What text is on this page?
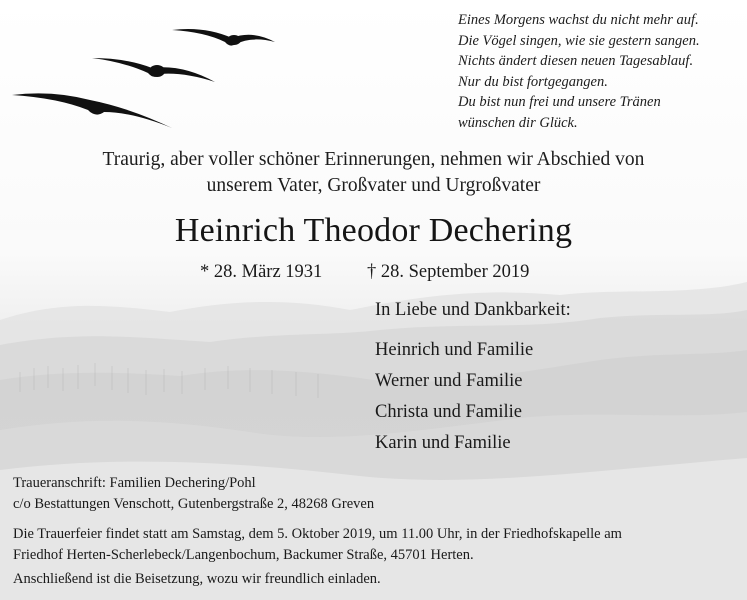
Eines Morgens wachst du nicht mehr auf.
Die Vögel singen, wie sie gestern sangen.
Nichts ändert diesen neuen Tagesablauf.
Nur du bist fortgegangen.
Du bist nun frei und unsere Tränen
wünschen dir Glück.
Traurig, aber voller schöner Erinnerungen, nehmen wir Abschied von
unserem Vater, Großvater und Urgroßvater
Heinrich Theodor Dechering
* 28. März 1931 † 28. September 2019
In Liebe und Dankbarkeit:
Heinrich und Familie
Werner und Familie
Christa und Familie
Karin und Familie
Traueranschrift: Familien Dechering/Pohl
c/o Bestattungen Venschott, Gutenbergstraße 2, 48268 Greven
Die Trauerfeier findet statt am Samstag, dem 5. Oktober 2019, um 11.00 Uhr, in der Friedhofskapelle am
Friedhof Herten-Scherlebeck/Langenbochum, Backumer Straße, 45701 Herten.
Anschließend ist die Beisetzung, wozu wir freundlich einladen.
